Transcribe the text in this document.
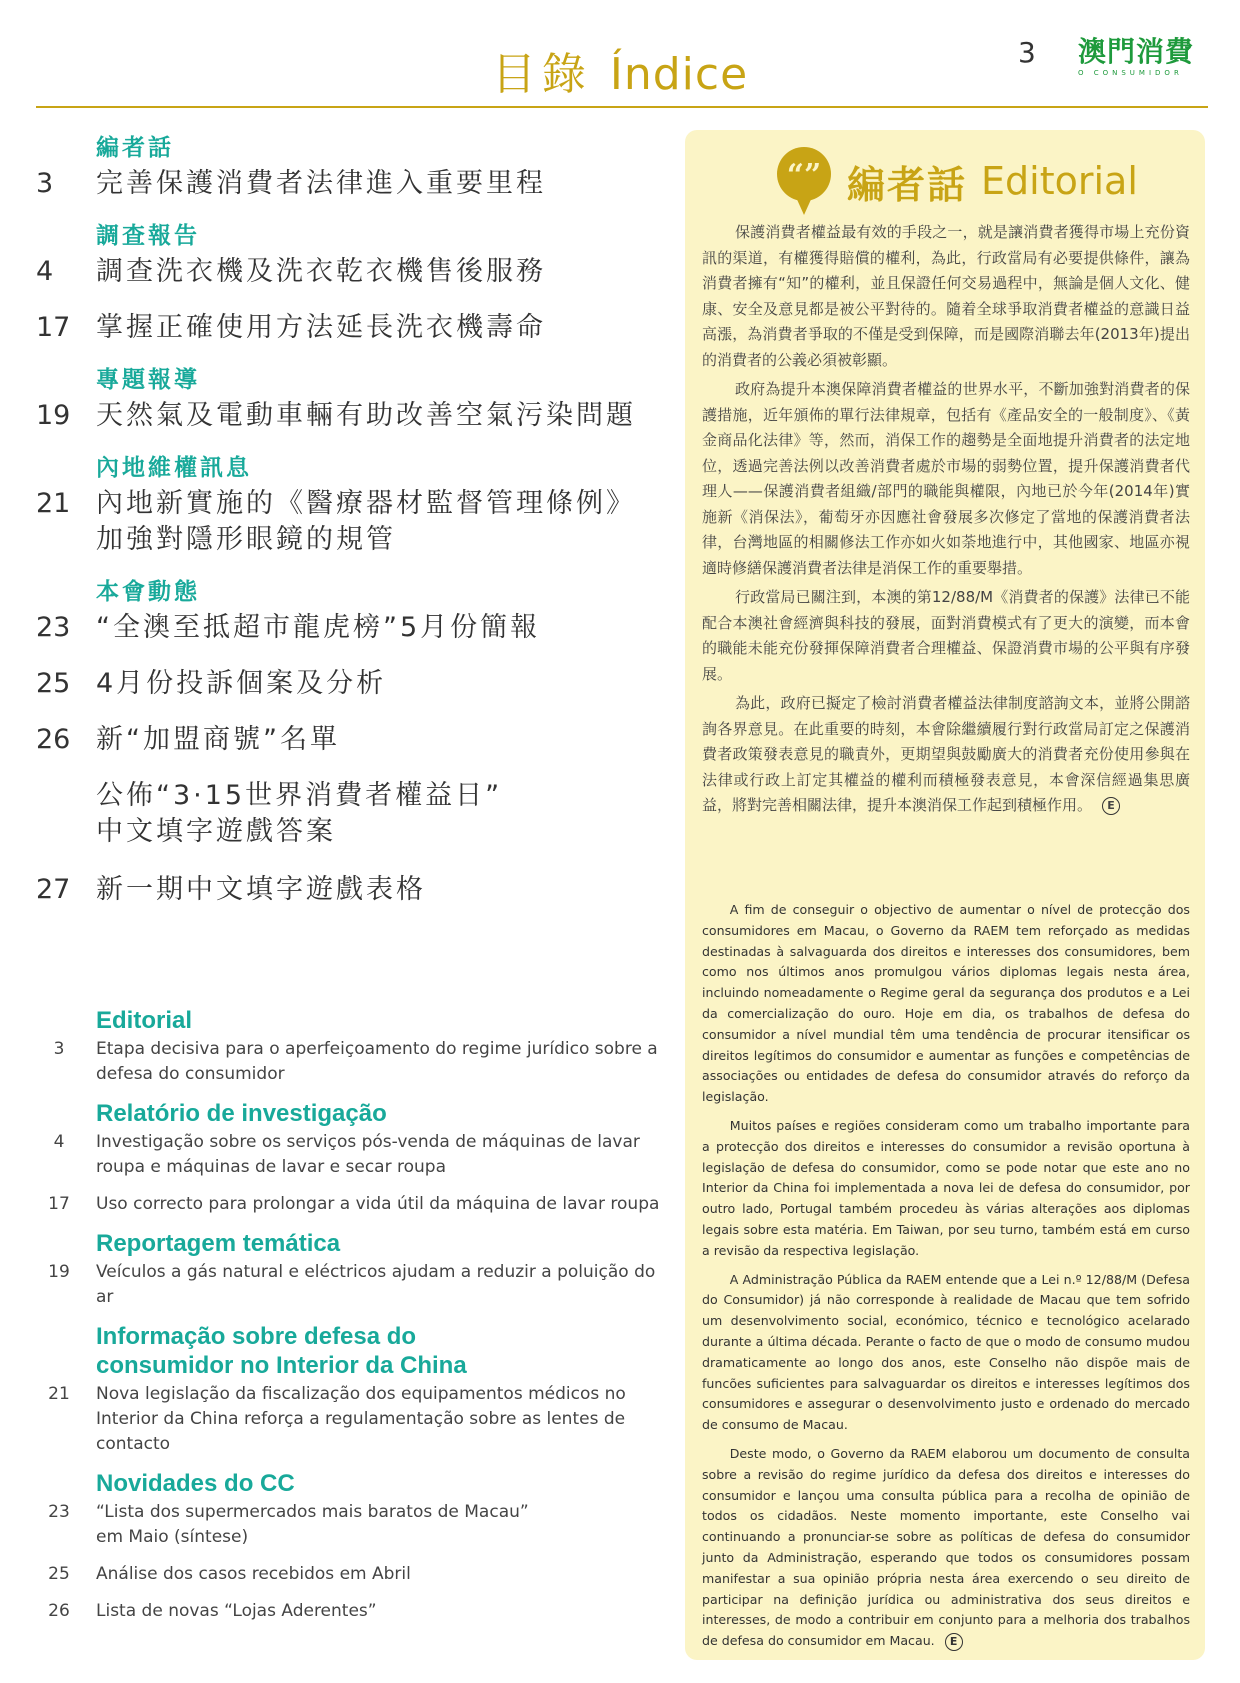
目錄 Índice	3 澳門消費
O CONSUMIDOR
編者話
3	完善保護消費者法律進入重要里程
調查報告
4	調查洗衣機及洗衣乾衣機售後服務
17 掌握正確使用方法延長洗衣機壽命
專題報導
19 天然氣及電動車輛有助改善空氣污染問題
內地維權訊息
21 內地新實施的《醫療器材監督管理條例》
加強對隱形眼鏡的規管
本會動態
23 “全澳至抵超市龍虎榜”5月份簡報
25 4月份投訴個案及分析
26 新“加盟商號”名單
公佈“3·15世界消費者權益日”
中文填字遊戲答案
27 新一期中文填字遊戲表格
Editorial
3	Etapa decisiva para o aperfeiçoamento do regime jurídico sobre a
defesa do consumidor
Relatório de investigação
4	Investigação sobre os serviços pós-venda de máquinas de lavar
roupa e máquinas de lavar e secar roupa
17	Uso correcto para prolongar a vida útil da máquina de lavar roupa
Reportagem temática
19	Veículos a gás natural e eléctricos ajudam a reduzir a poluição do ar
Informação sobre defesa do
consumidor no Interior da China
21	Nova legislação da fiscalização dos equipamentos médicos no
Interior da China reforça a regulamentação sobre as lentes de
contacto
Novidades do CC
23	“Lista dos supermercados mais baratos de Macau”
em Maio (síntese)
25	Análise dos casos recebidos em Abril
26	Lista de novas “Lojas Aderentes”
“” 編者話 Editorial

保護消費者權益最有效的手段之一，就是讓消費者獲得市場上充份資訊的渠道，有權獲得賠償的權利，為此，行政當局有必要提供條件，讓為消費者擁有“知”的權利，並且保證任何交易過程中，無論是個人文化、健康、安全及意見都是被公平對待的。隨着全球爭取消費者權益的意識日益高漲，為消費者爭取的不僅是受到保障，而是國際消聯去年(2013年)提出的消費者的公義必須被彰顯。

政府為提升本澳保障消費者權益的世界水平，不斷加強對消費者的保護措施，近年頒佈的單行法律規章，包括有《產品安全的一般制度》、《黃金商品化法律》等，然而，消保工作的趨勢是全面地提升消費者的法定地位，透過完善法例以改善消費者處於市場的弱勢位置，提升保護消費者代理人——保護消費者組織/部門的職能與權限，內地已於今年(2014年)實施新《消保法》，葡萄牙亦因應社會發展多次修定了當地的保護消費者法律，台灣地區的相關修法工作亦如火如荼地進行中，其他國家、地區亦視適時修繕保護消費者法律是消保工作的重要舉措。

行政當局已關注到，本澳的第12/88/M《消費者的保護》法律已不能配合本澳社會經濟與科技的發展，面對消費模式有了更大的演變，而本會的職能未能充份發揮保障消費者合理權益、保證消費市場的公平與有序發展。

為此，政府已擬定了檢討消費者權益法律制度諮詢文本，並將公開諮詢各界意見。在此重要的時刻，本會除繼續履行對行政當局訂定之保護消費者政策發表意見的職責外，更期望與鼓勵廣大的消費者充份使用參與在法律或行政上訂定其權益的權利而積極發表意見，本會深信經過集思廣益，將對完善相關法律，提升本澳消保工作起到積極作用。 E

A fim de conseguir o objectivo de aumentar o nível de protecção dos consumidores em Macau, o Governo da RAEM tem reforçado as medidas destinadas à salvaguarda dos direitos e interesses dos consumidores, bem como nos últimos anos promulgou vários diplomas legais nesta área, incluindo nomeadamente o Regime geral da segurança dos produtos e a Lei da comercialização do ouro. Hoje em dia, os trabalhos de defesa do consumidor a nível mundial têm uma tendência de procurar itensificar os direitos legítimos do consumidor e aumentar as funções e competências de associações ou entidades de defesa do consumidor através do reforço da legislação.

Muitos países e regiões consideram como um trabalho importante para a protecção dos direitos e interesses do consumidor a revisão oportuna à legislação de defesa do consumidor, como se pode notar que este ano no Interior da China foi implementada a nova lei de defesa do consumidor, por outro lado, Portugal também procedeu às várias alterações aos diplomas legais sobre esta matéria. Em Taiwan, por seu turno, também está em curso a revisão da respectiva legislação.

A Administração Pública da RAEM entende que a Lei n.º 12/88/M (Defesa do Consumidor) já não corresponde à realidade de Macau que tem sofrido um desenvolvimento social, económico, técnico e tecnológico acelarado durante a última década. Perante o facto de que o modo de consumo mudou dramaticamente ao longo dos anos, este Conselho não dispõe mais de funcões suficientes para salvaguardar os direitos e interesses legítimos dos consumidores e assegurar o desenvolvimento justo e ordenado do mercado de consumo de Macau.

Deste modo, o Governo da RAEM elaborou um documento de consulta sobre a revisão do regime jurídico da defesa dos direitos e interesses do consumidor e lançou uma consulta pública para a recolha de opinião de todos os cidadãos. Neste momento importante, este Conselho vai continuando a pronunciar-se sobre as políticas de defesa do consumidor junto da Administração, esperando que todos os consumidores possam manifestar a sua opinião própria nesta área exercendo o seu direito de participar na definição jurídica ou administrativa dos seus direitos e interesses, de modo a contribuir em conjunto para a melhoria dos trabalhos de defesa do consumidor em Macau. E
